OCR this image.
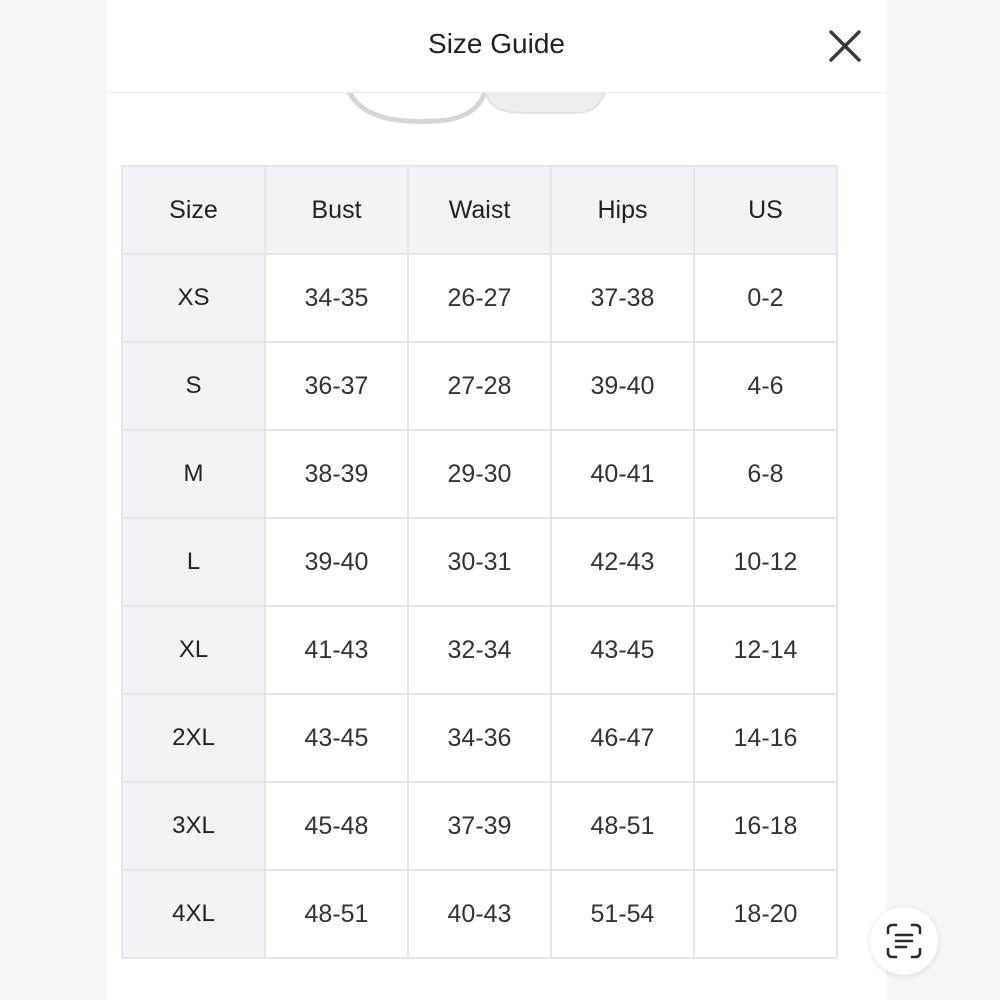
Size Guide
Size	Bust	Waist	Hips	US
XS	34-35	26-27	37-38	0-2
S	36-37	27-28	39-40	4-6
M	38-39	29-30	40-41	6-8
L	39-40	30-31	42-43	10-12
XL	41-43	32-34	43-45	12-14
2XL	43-45	34-36	46-47	14-16
3XL	45-48	37-39	48-51	16-18
4XL	48-51	40-43	51-54	18-20
